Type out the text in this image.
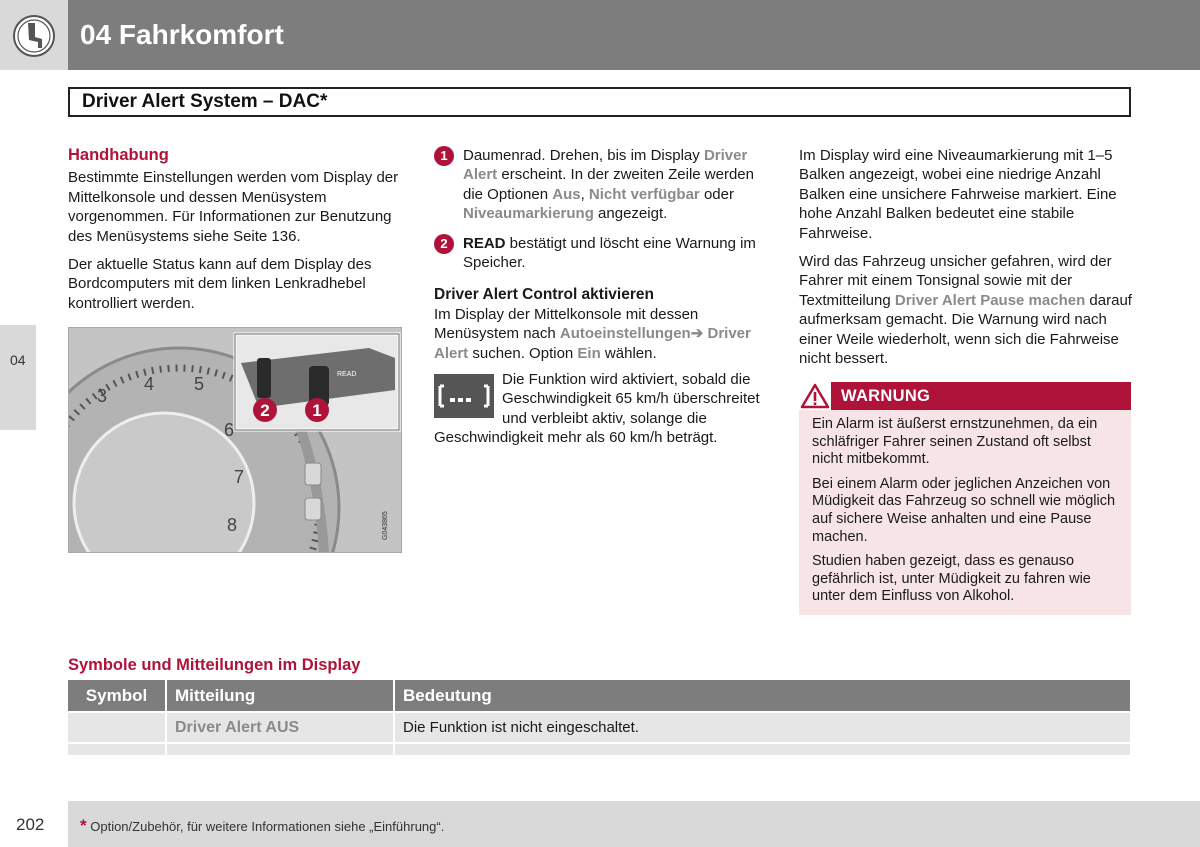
04 Fahrkomfort
Driver Alert System – DAC*
04
Handhabung

Bestimmte Einstellungen werden vom Display der Mittelkonsole und dessen Menüsystem vorgenommen. Für Informationen zur Benutzung des Menüsystems siehe Seite 136.

Der aktuelle Status kann auf dem Display des Bordcomputers mit dem linken Lenkradhebel kontrolliert werden.

3
4 5
6
7
8
READ
2	1
G043865
1	Daumenrad. Drehen, bis im Display Driver Alert erscheint. In der zweiten Zeile werden die Optionen Aus, Nicht verfügbar oder Niveaumarkierung angezeigt.
2	READ bestätigt und löscht eine Warnung im Speicher.
Driver Alert Control aktivieren

Im Display der Mittelkonsole mit dessen Menüsystem nach Autoeinstellungen➔ Driver Alert suchen. Option Ein wählen.

Die Funktion wird aktiviert, sobald die Geschwindigkeit 65 km/h überschreitet und verbleibt aktiv, solange die Geschwindigkeit mehr als 60 km/h beträgt.

Im Display wird eine Niveaumarkierung mit 1–5 Balken angezeigt, wobei eine niedrige Anzahl Balken eine unsichere Fahrweise markiert. Eine hohe Anzahl Balken bedeutet eine stabile Fahrweise.

Wird das Fahrzeug unsicher gefahren, wird der Fahrer mit einem Tonsignal sowie mit der Textmitteilung Driver Alert Pause machen darauf aufmerksam gemacht. Die Warnung wird nach einer Weile wiederholt, wenn sich die Fahrweise nicht bessert.

WARNUNG

Ein Alarm ist äußerst ernstzunehmen, da ein schläfriger Fahrer seinen Zustand oft selbst nicht mitbekommt.

Bei einem Alarm oder jeglichen Anzeichen von Müdigkeit das Fahrzeug so schnell wie möglich auf sichere Weise anhalten und eine Pause machen.

Studien haben gezeigt, dass es genauso gefährlich ist, unter Müdigkeit zu fahren wie unter dem Einfluss von Alkohol.

Symbole und Mitteilungen im Display
Symbol	Mitteilung	Bedeutung
	Driver Alert AUS	Die Funktion ist nicht eingeschaltet.

202 * Option/Zubehör, für weitere Informationen siehe „Einführung“.
